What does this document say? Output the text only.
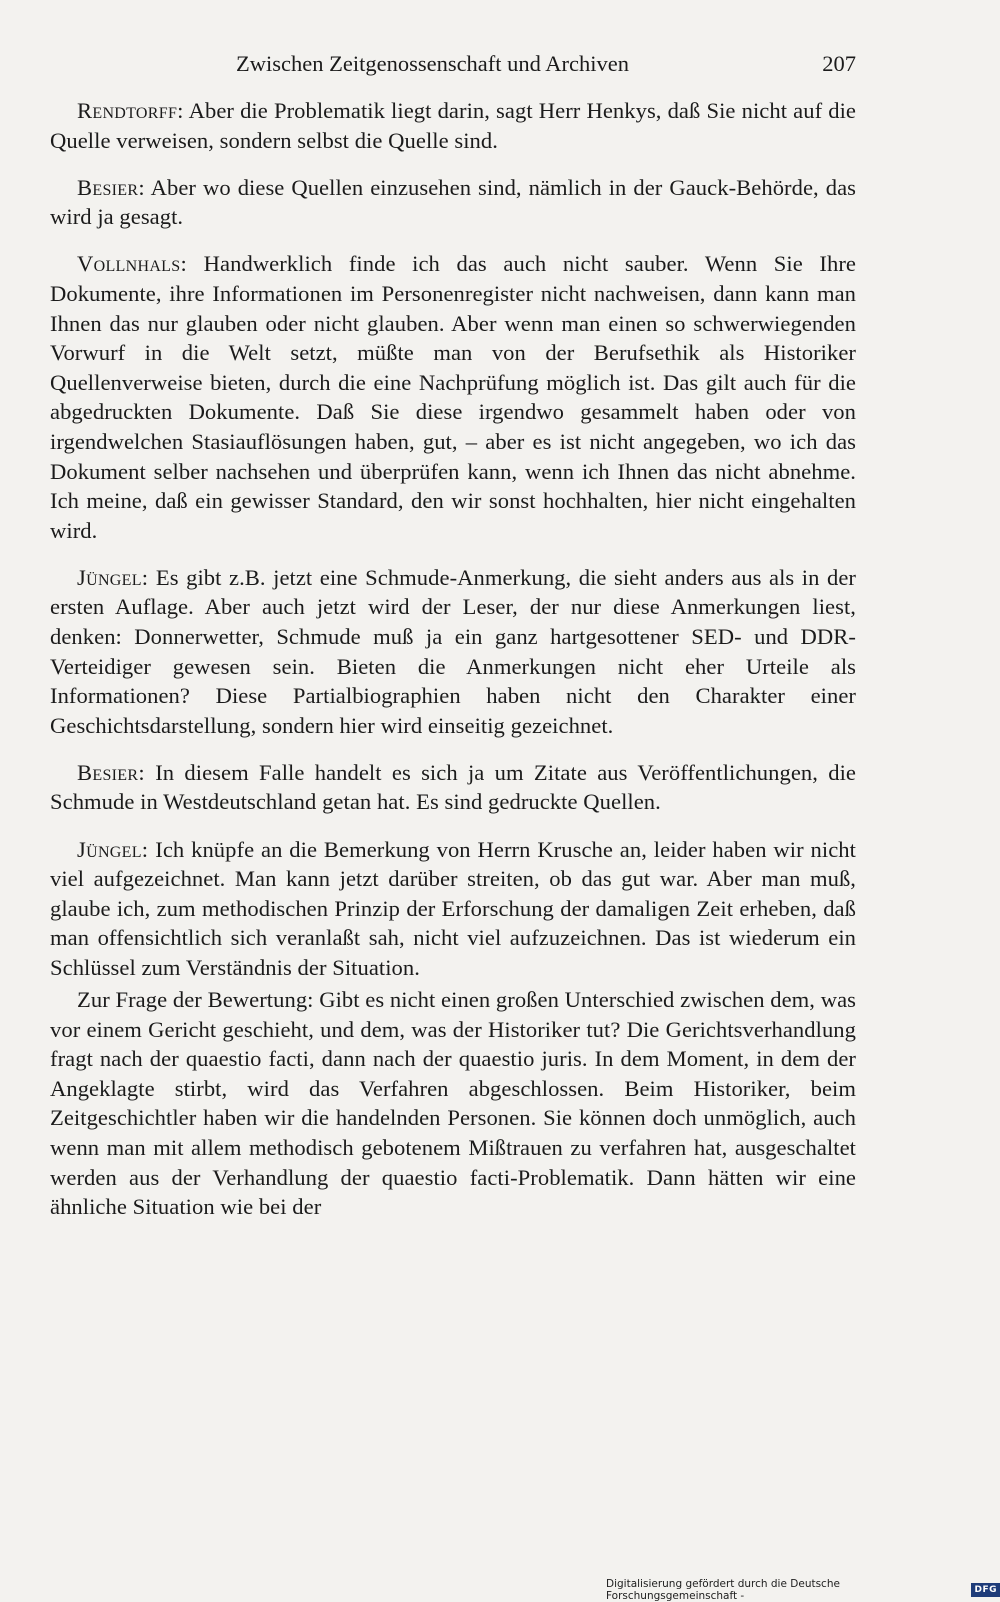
Zwischen Zeitgenossenschaft und Archiven	207

Rendtorff: Aber die Problematik liegt darin, sagt Herr Henkys, daß Sie nicht auf die Quelle verweisen, sondern selbst die Quelle sind.

Besier: Aber wo diese Quellen einzusehen sind, nämlich in der Gauck-Behörde, das wird ja gesagt.

Vollnhals: Handwerklich finde ich das auch nicht sauber. Wenn Sie Ihre Dokumente, ihre Informationen im Personenregister nicht nachweisen, dann kann man Ihnen das nur glauben oder nicht glauben. Aber wenn man einen so schwerwiegenden Vorwurf in die Welt setzt, müßte man von der Berufsethik als Historiker Quellenverweise bieten, durch die eine Nachprüfung möglich ist. Das gilt auch für die abgedruckten Dokumente. Daß Sie diese irgendwo gesammelt haben oder von irgendwelchen Stasiauflösungen haben, gut, – aber es ist nicht angegeben, wo ich das Dokument selber nachsehen und überprüfen kann, wenn ich Ihnen das nicht abnehme. Ich meine, daß ein gewisser Standard, den wir sonst hochhalten, hier nicht eingehalten wird.

Jüngel: Es gibt z.B. jetzt eine Schmude-Anmerkung, die sieht anders aus als in der ersten Auflage. Aber auch jetzt wird der Leser, der nur diese Anmerkungen liest, denken: Donnerwetter, Schmude muß ja ein ganz hartgesottener SED- und DDR-Verteidiger gewesen sein. Bieten die Anmerkungen nicht eher Urteile als Informationen? Diese Partialbiographien haben nicht den Charakter einer Geschichtsdarstellung, sondern hier wird einseitig gezeichnet.

Besier: In diesem Falle handelt es sich ja um Zitate aus Veröffentlichungen, die Schmude in Westdeutschland getan hat. Es sind gedruckte Quellen.

Jüngel: Ich knüpfe an die Bemerkung von Herrn Krusche an, leider haben wir nicht viel aufgezeichnet. Man kann jetzt darüber streiten, ob das gut war. Aber man muß, glaube ich, zum methodischen Prinzip der Erforschung der damaligen Zeit erheben, daß man offensichtlich sich veranlaßt sah, nicht viel aufzuzeichnen. Das ist wiederum ein Schlüssel zum Verständnis der Situation.

Zur Frage der Bewertung: Gibt es nicht einen großen Unterschied zwischen dem, was vor einem Gericht geschieht, und dem, was der Historiker tut? Die Gerichtsverhandlung fragt nach der quaestio facti, dann nach der quaestio juris. In dem Moment, in dem der Angeklagte stirbt, wird das Verfahren abgeschlossen. Beim Historiker, beim Zeitgeschichtler haben wir die handelnden Personen. Sie können doch unmöglich, auch wenn man mit allem methodisch gebotenem Mißtrauen zu verfahren hat, ausgeschaltet werden aus der Verhandlung der quaestio facti-Problematik. Dann hätten wir eine ähnliche Situation wie bei der

Digitalisierung gefördert durch die Deutsche Forschungsgemeinschaft -	DFG
